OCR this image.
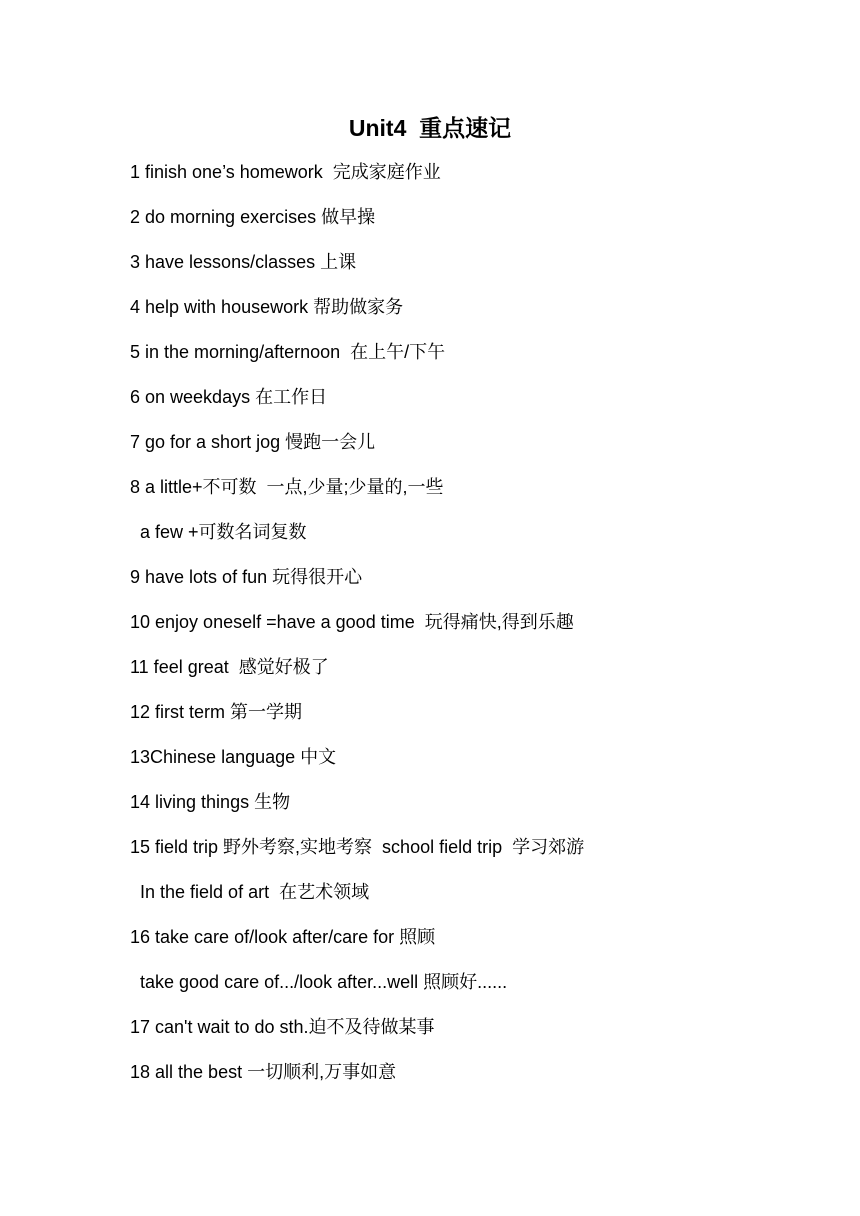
Unit4  重点速记
1 finish one’s homework  完成家庭作业
2 do morning exercises 做早操
3 have lessons/classes 上课
4 help with housework 帮助做家务
5 in the morning/afternoon  在上午/下午
6 on weekdays 在工作日
7 go for a short jog 慢跑一会儿
8 a little+不可数  一点,少量;少量的,一些
a few +可数名词复数
9 have lots of fun 玩得很开心
10 enjoy oneself =have a good time  玩得痛快,得到乐趣
11 feel great  感觉好极了
12 first term 第一学期
13Chinese language 中文
14 living things 生物
15 field trip 野外考察,实地考察  school field trip  学习郊游
In the field of art  在艺术领域
16 take care of/look after/care for 照顾
take good care of.../look after...well 照顾好......
17 can't wait to do sth.迫不及待做某事
18 all the best 一切顺利,万事如意
